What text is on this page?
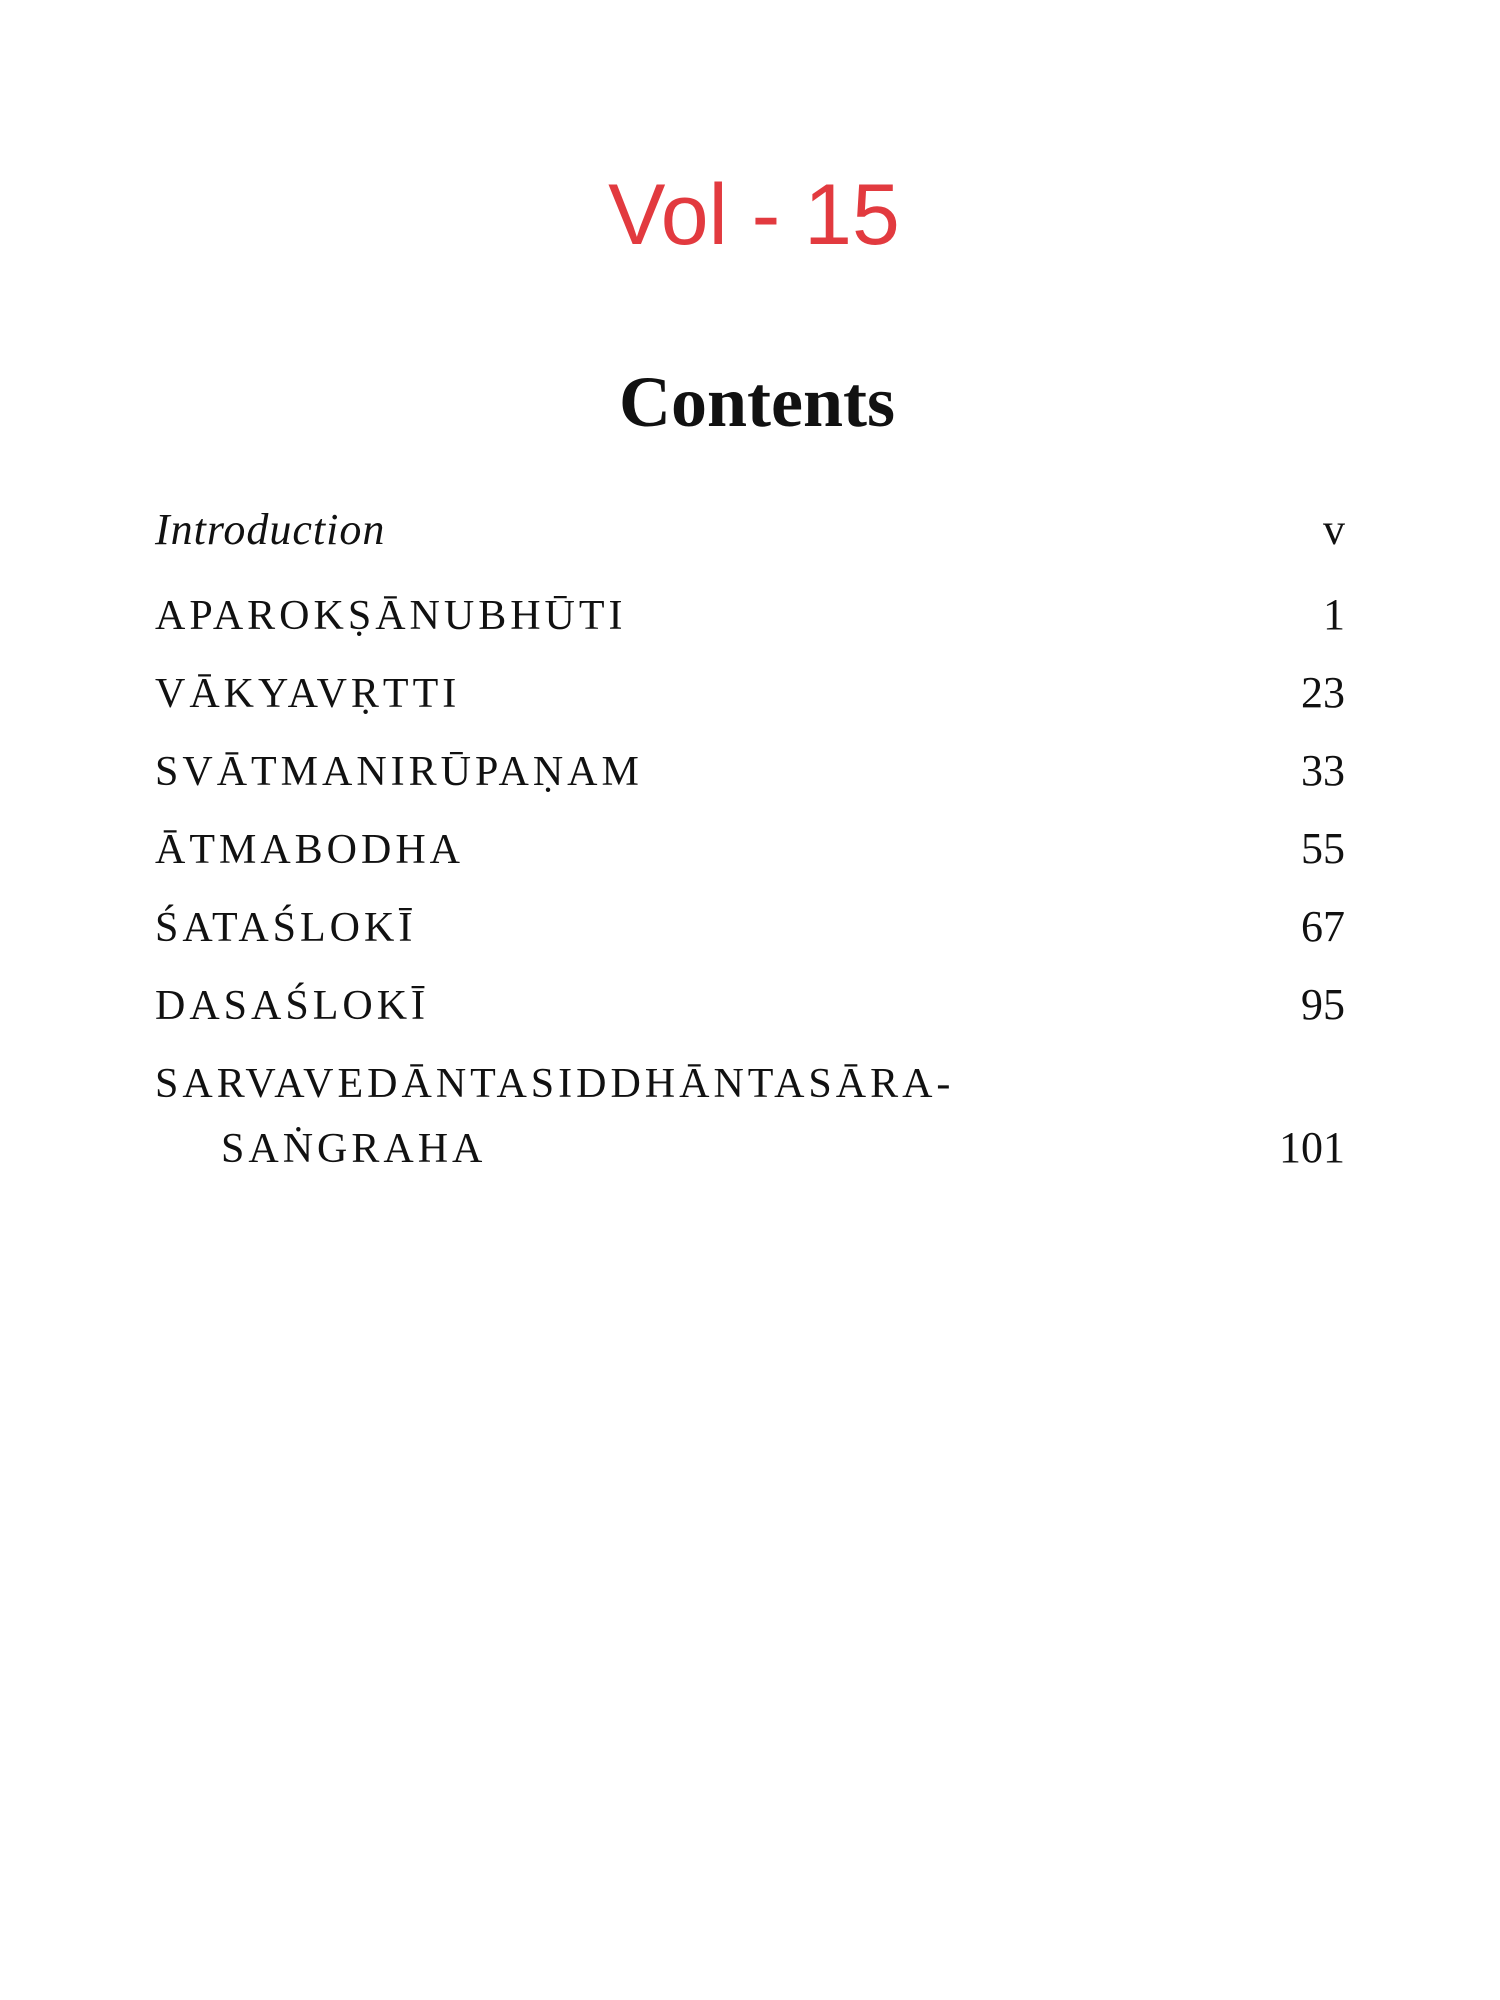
Vol - 15
Contents
Introduction	v
APAROKṢĀNUBHŪTI	1
VĀKYAVṚTTI	23
SVĀTMANIRŪPAṆAM	33
ĀTMABODHA	55
ŚATAŚLOKĪ	67
DASAŚLOKĪ	95
SARVAVEDĀNTASIDDHĀNTASĀRA-
SAṄGRAHA	101
